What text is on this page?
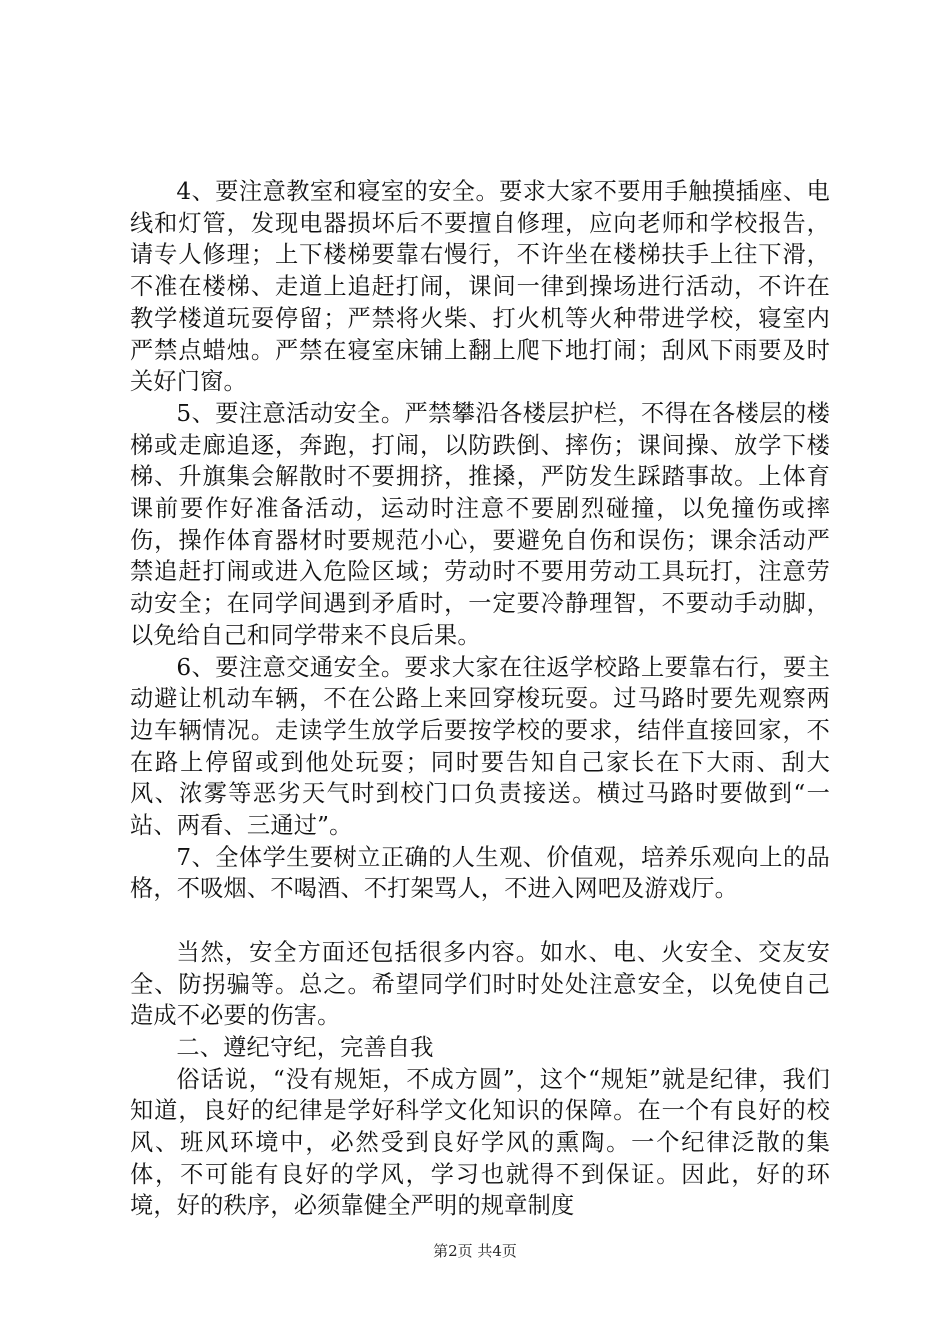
4、要注意教室和寝室的安全。要求大家不要用手触摸插座、电线和灯管，发现电器损坏后不要擅自修理，应向老师和学校报告，请专人修理；上下楼梯要靠右慢行，不许坐在楼梯扶手上往下滑，不准在楼梯、走道上追赶打闹，课间一律到操场进行活动，不许在教学楼道玩耍停留；严禁将火柴、打火机等火种带进学校，寝室内严禁点蜡烛。严禁在寝室床铺上翻上爬下地打闹；刮风下雨要及时关好门窗。

5、要注意活动安全。严禁攀沿各楼层护栏，不得在各楼层的楼梯或走廊追逐，奔跑，打闹，以防跌倒、摔伤；课间操、放学下楼梯、升旗集会解散时不要拥挤，推搡，严防发生踩踏事故。上体育课前要作好准备活动，运动时注意不要剧烈碰撞，以免撞伤或摔伤，操作体育器材时要规范小心，要避免自伤和误伤；课余活动严禁追赶打闹或进入危险区域；劳动时不要用劳动工具玩打，注意劳动安全；在同学间遇到矛盾时，一定要冷静理智，不要动手动脚，以免给自己和同学带来不良后果。

6、要注意交通安全。要求大家在往返学校路上要靠右行，要主动避让机动车辆，不在公路上来回穿梭玩耍。过马路时要先观察两边车辆情况。走读学生放学后要按学校的要求，结伴直接回家，不在路上停留或到他处玩耍；同时要告知自己家长在下大雨、刮大风、浓雾等恶劣天气时到校门口负责接送。横过马路时要做到“一站、两看、三通过”。

7、全体学生要树立正确的人生观、价值观，培养乐观向上的品格，不吸烟、不喝酒、不打架骂人，不进入网吧及游戏厅。

当然，安全方面还包括很多内容。如水、电、火安全、交友安全、防拐骗等。总之。希望同学们时时处处注意安全，以免使自己造成不必要的伤害。

二、遵纪守纪，完善自我

俗话说，“没有规矩，不成方圆”，这个“规矩”就是纪律，我们知道，良好的纪律是学好科学文化知识的保障。在一个有良好的校风、班风环境中，必然受到良好学风的熏陶。一个纪律泛散的集体，不可能有良好的学风，学习也就得不到保证。因此，好的环境，好的秩序，必须靠健全严明的规章制度

第2页 共4页
